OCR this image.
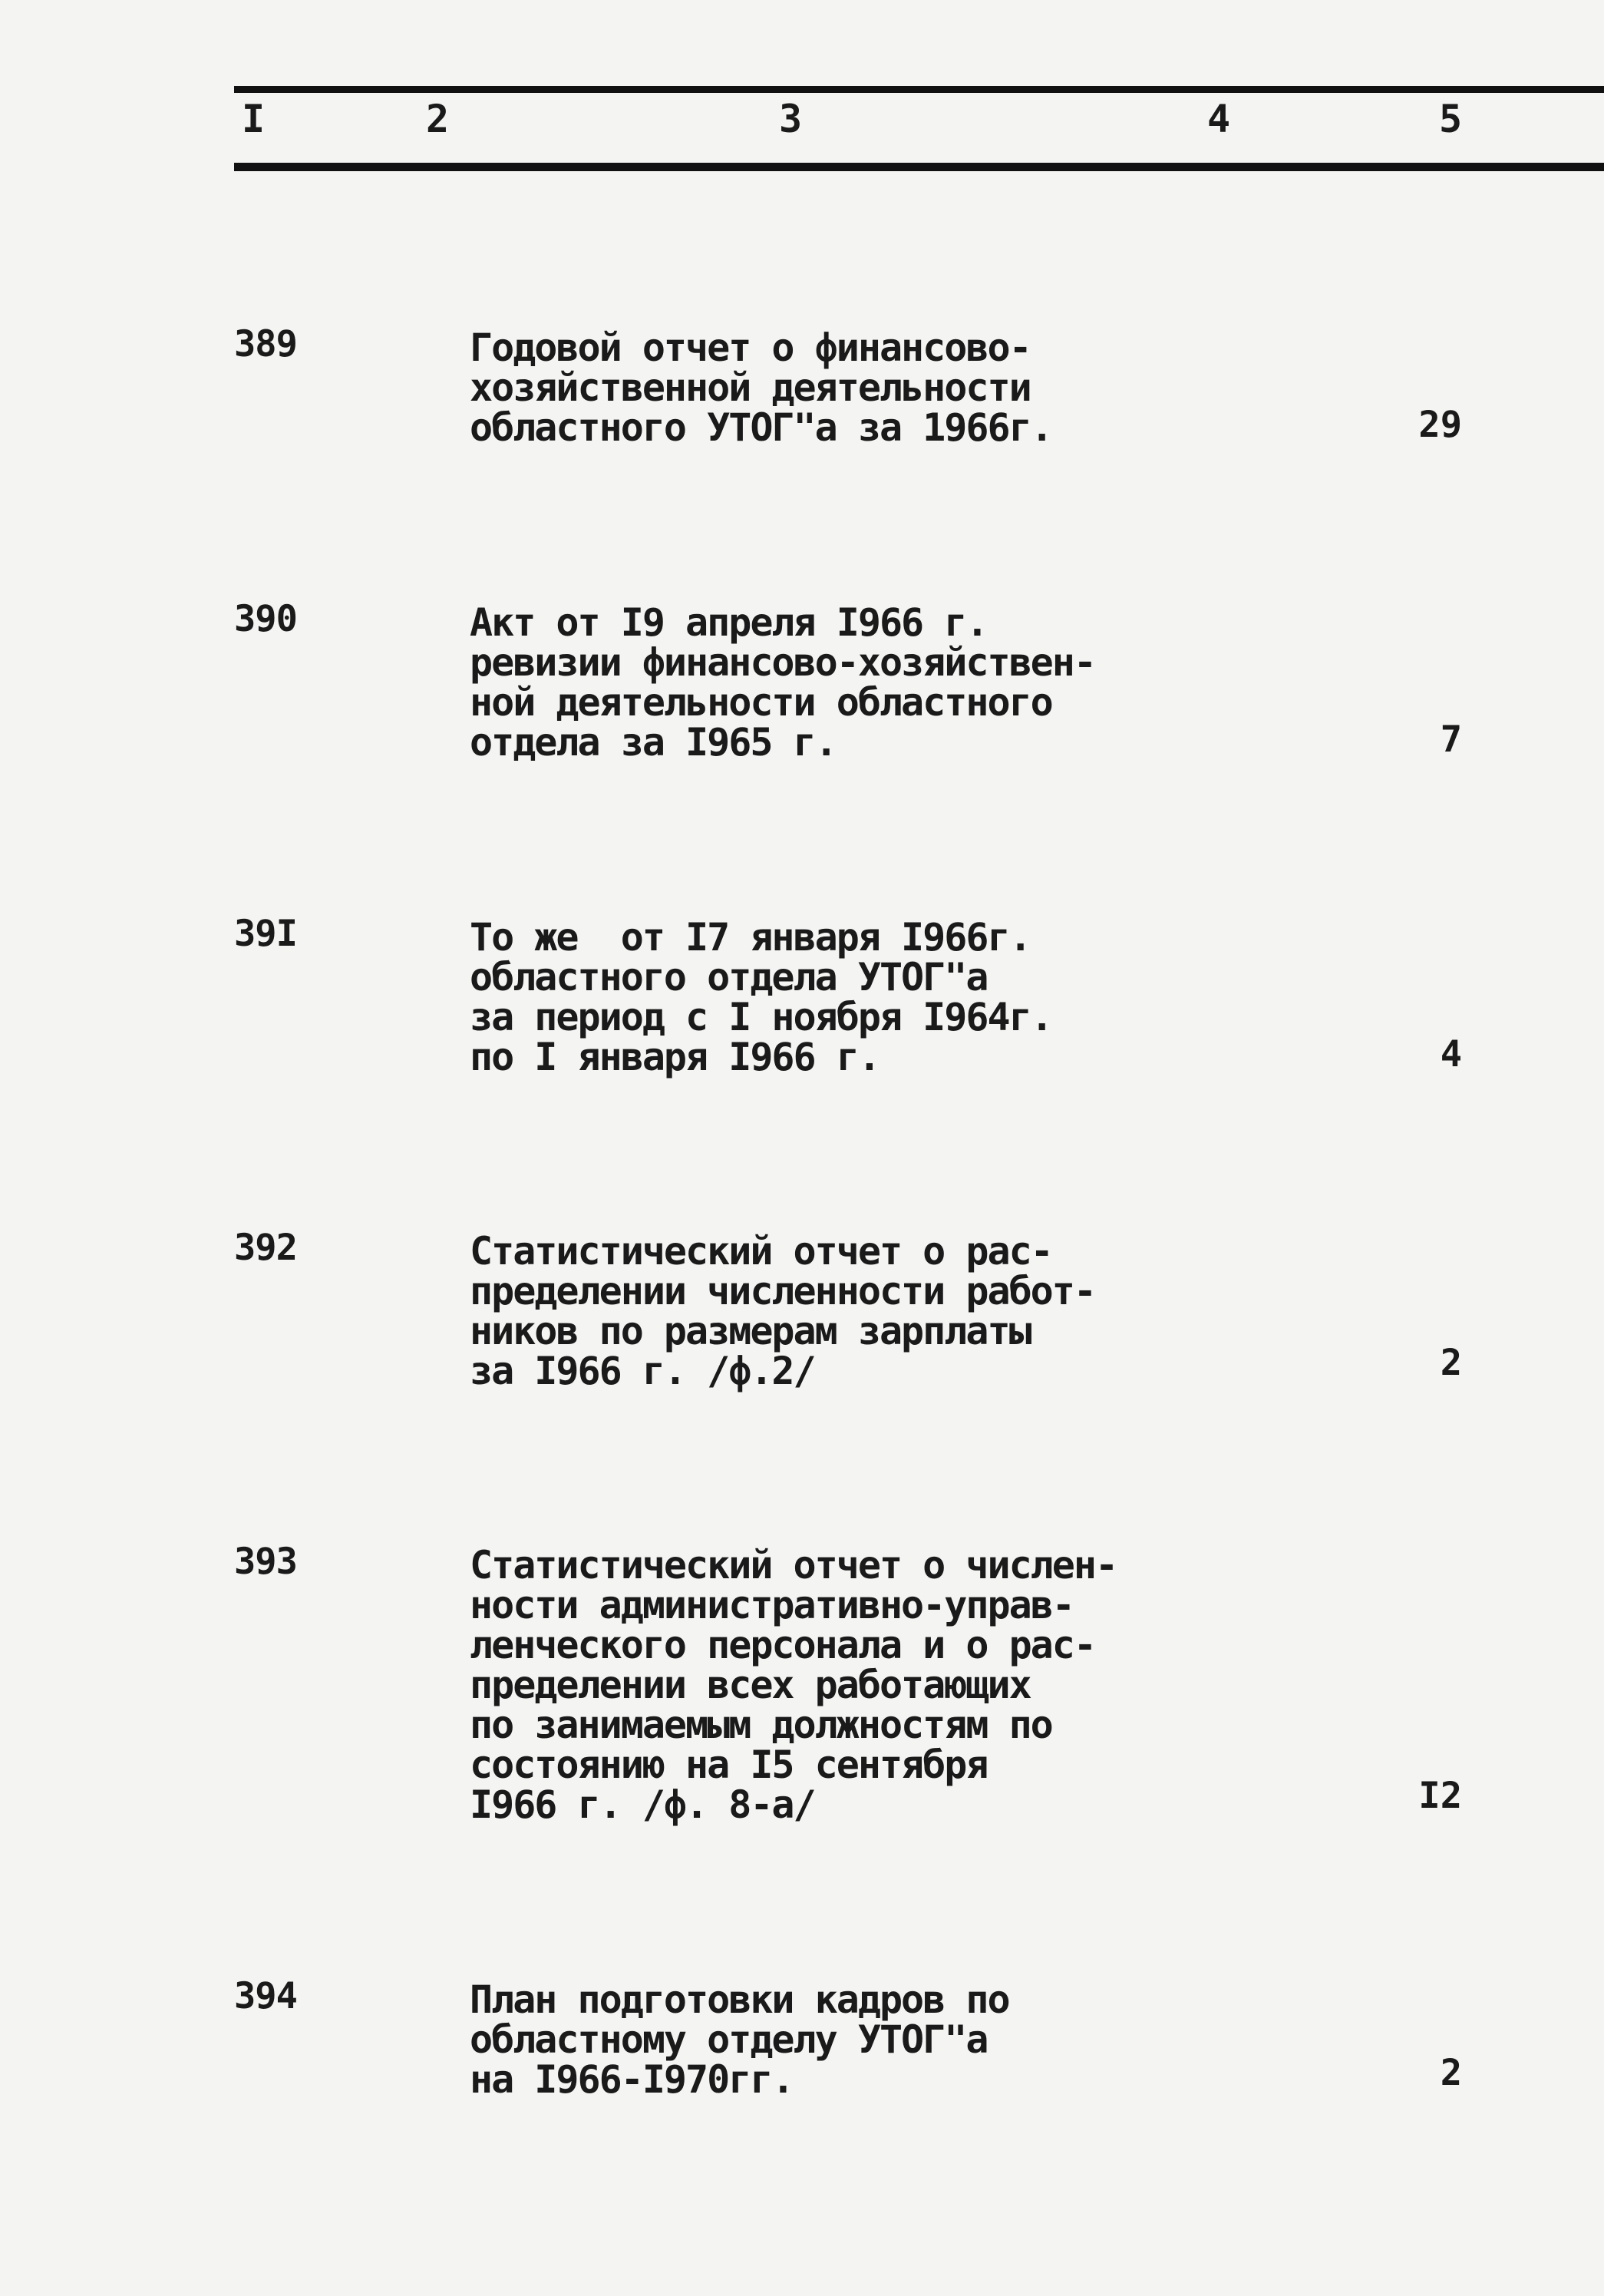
I	2	3	4	5
389	Годовой отчет о финансово-
хозяйственной деятельности
областного УТОГ"а за 1966г.	29
390	Акт от I9 апреля I966 г.
ревизии финансово-хозяйствен-
ной деятельности областного
отдела за I965 г.	7
39I	То же  от I7 января I966г.
областного отдела УТОГ"а
за период с I ноября I964г.
по I января I966 г.	4
392	Статистический отчет о рас-
пределении численности работ-
ников по размерам зарплаты
за I966 г. /ф.2/	2
393	Статистический отчет о числен-
ности административно-управ-
ленческого персонала и о рас-
пределении всех работающих
по занимаемым должностям по
состоянию на I5 сентября
I966 г. /ф. 8-а/	I2
394	План подготовки кадров по
областному отделу УТОГ"а
на I966-I970гг.	2
